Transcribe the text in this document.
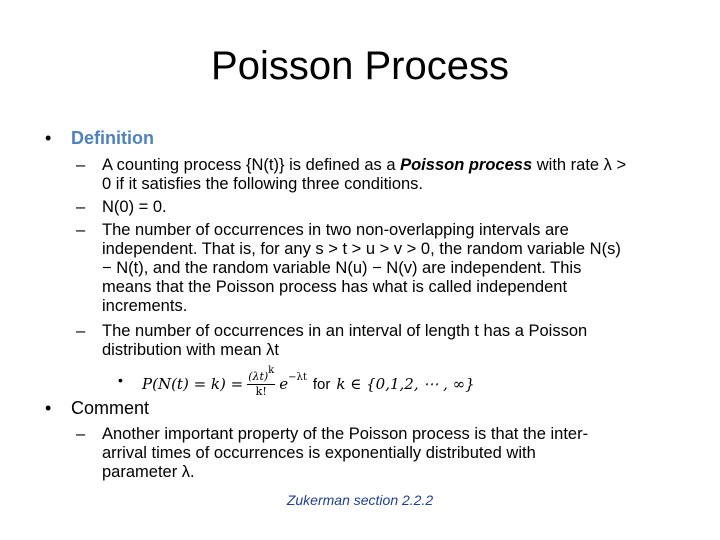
Poisson Process
• Definition
– A counting process {N(t)} is defined as a Poisson process with rate λ >
0 if it satisfies the following three conditions.
– N(0) = 0.
– The number of occurrences in two non-overlapping intervals are
independent. That is, for any s > t > u > v > 0, the random variable N(s)
− N(t), and the random variable N(u) − N(v) are independent. This
means that the Poisson process has what is called independent
increments.
– The number of occurrences in an interval of length t has a Poisson
distribution with mean λt
• $P(N(t) = k) = \frac{(\lambda t)k}{k!}$ e −λt for k ∈ {0,1,2, ⋯ , ∞}
• Comment
– Another important property of the Poisson process is that the inter-
arrival times of occurrences is exponentially distributed with
parameter λ.
Zukerman section 2.2.2
